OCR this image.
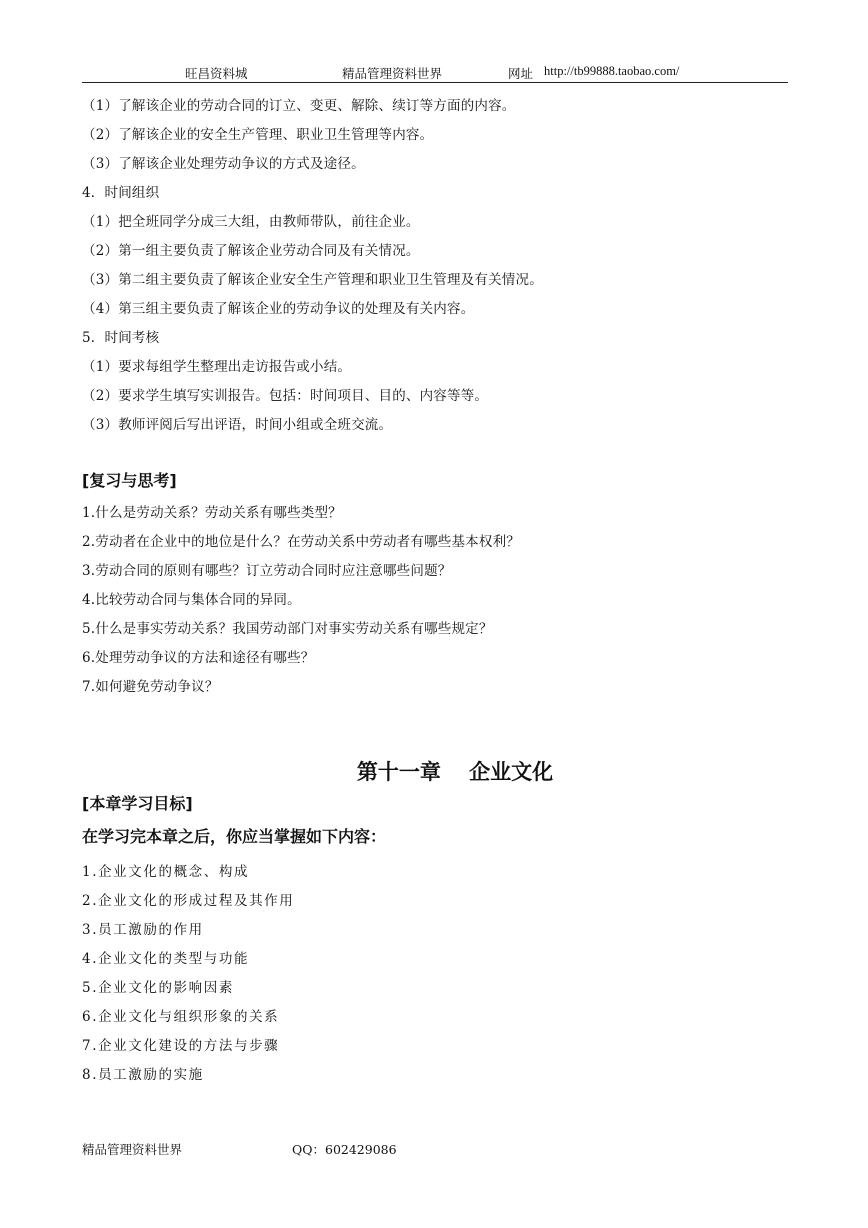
旺昌资料城	精品管理资料世界	网址 http://tb99888.taobao.com/
（1）了解该企业的劳动合同的订立、变更、解除、续订等方面的内容。
（2）了解该企业的安全生产管理、职业卫生管理等内容。
（3）了解该企业处理劳动争议的方式及途径。
4．时间组织
（1）把全班同学分成三大组，由教师带队，前往企业。
（2）第一组主要负责了解该企业劳动合同及有关情况。
（3）第二组主要负责了解该企业安全生产管理和职业卫生管理及有关情况。
（4）第三组主要负责了解该企业的劳动争议的处理及有关内容。
5．时间考核
（1）要求每组学生整理出走访报告或小结。
（2）要求学生填写实训报告。包括：时间项目、目的、内容等等。
（3）教师评阅后写出评语，时间小组或全班交流。
[复习与思考]
1.什么是劳动关系？劳动关系有哪些类型？
2.劳动者在企业中的地位是什么？在劳动关系中劳动者有哪些基本权利？
3.劳动合同的原则有哪些？订立劳动合同时应注意哪些问题？
4.比较劳动合同与集体合同的异同。
5.什么是事实劳动关系？我国劳动部门对事实劳动关系有哪些规定？
6.处理劳动争议的方法和途径有哪些？
7.如何避免劳动争议？
第十一章　 企业文化
[本章学习目标]
在学习完本章之后，你应当掌握如下内容：
1.企业文化的概念、构成
2.企业文化的形成过程及其作用
3.员工激励的作用
4.企业文化的类型与功能
5.企业文化的影响因素
6.企业文化与组织形象的关系
7.企业文化建设的方法与步骤
8.员工激励的实施
精品管理资料世界	QQ：602429086
